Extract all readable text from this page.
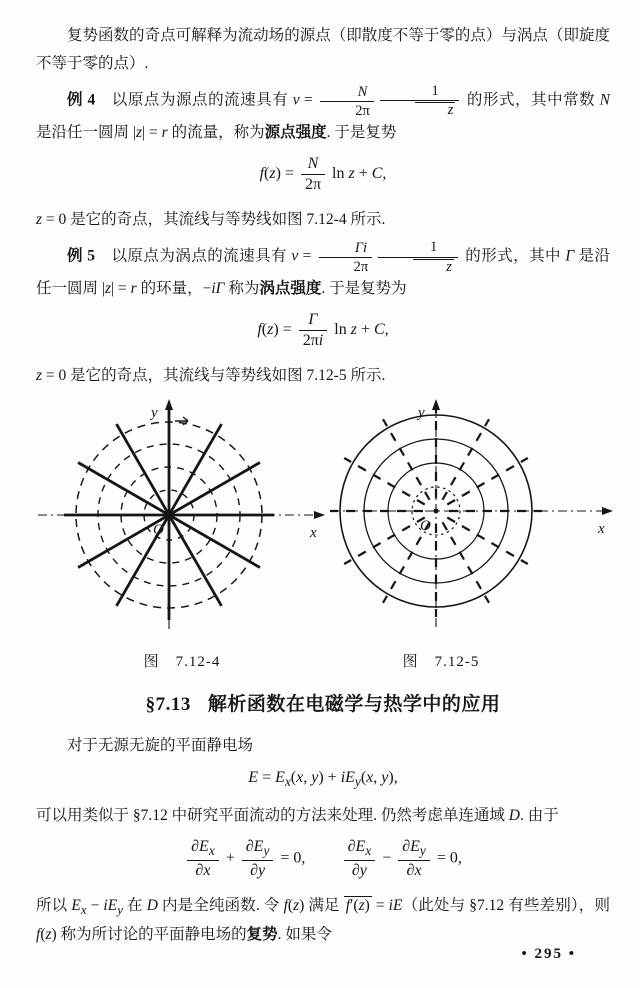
复势函数的奇点可解释为流动场的源点（即散度不等于零的点）与涡点（即旋度不等于零的点）.

例 4　以原点为源点的流速具有 $v = \frac{N}{2\pi} \frac{1}{z}$ 的形式，其中常数 N 是沿任一圆周 |z| = r 的流量，称为源点强度. 于是复势

$f(z) = \frac{N}{2\pi}$ ln z + C,

z = 0 是它的奇点，其流线与等势线如图 7.12-4 所示.

例 5　以原点为涡点的流速具有 $v = \frac{\Gamma i}{2\pi} \frac{1}{z}$ 的形式，其中 Γ 是沿任一圆周 |z| = r 的环量，−iΓ 称为涡点强度. 于是复势为

$f(z) = \frac{\Gamma}{2\pi i}$ ln z + C,

z = 0 是它的奇点，其流线与等势线如图 7.12-5 所示.

y
x
O
图　7.12-4
y
x
O
图　7.12-5
§7.13 解析函数在电磁学与热学中的应用

对于无源无旋的平面静电场

$E = E_x(x$, $y) + iE_y(x$, y),

可以用类似于 §7.12 中研究平面流动的方法来处理. 仍然考虑单连通域 D. 由于

$\frac{\partial E_x}{\partial x} + \frac{\partial E_y}{\partial y} = 0$, $\frac{\partial E_x}{\partial y} - \frac{\partial E_y}{\partial x} = 0$,

所以 $E_x - iE_y$ 在 D 内是全纯函数. 令 f(z) 满足 f′(z) = iE（此处与 §7.12 有些差别），则 f(z) 称为所讨论的平面静电场的复势. 如果令

• 295 •
